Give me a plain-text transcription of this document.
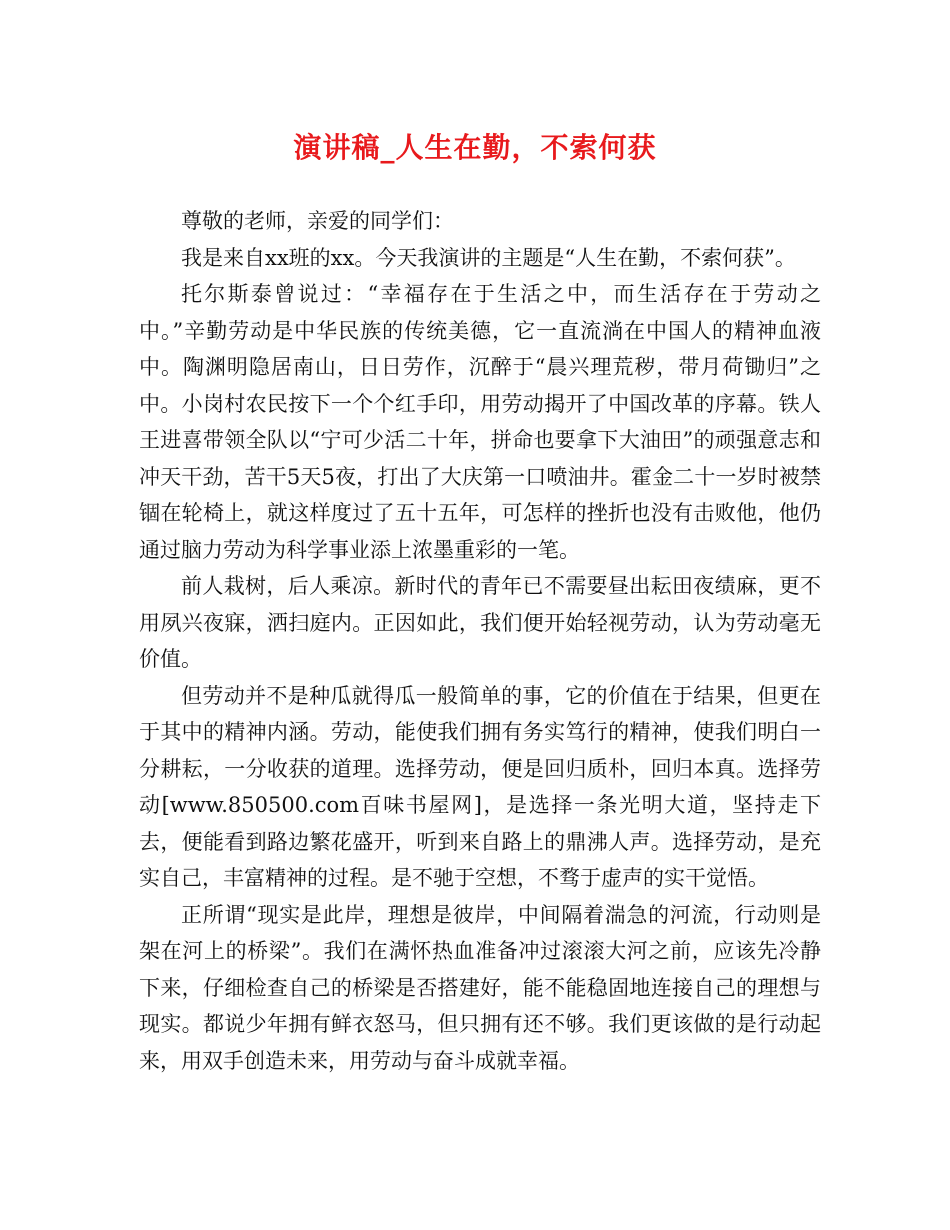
演讲稿_人生在勤，不索何获

尊敬的老师，亲爱的同学们：

我是来自xx班的xx。今天我演讲的主题是“人生在勤，不索何获”。

托尔斯泰曾说过：“幸福存在于生活之中，而生活存在于劳动之中。”辛勤劳动是中华民族的传统美德，它一直流淌在中国人的精神血液中。陶渊明隐居南山，日日劳作，沉醉于“晨兴理荒秽，带月荷锄归”之中。小岗村农民按下一个个红手印，用劳动揭开了中国改革的序幕。铁人王进喜带领全队以“宁可少活二十年，拼命也要拿下大油田”的顽强意志和冲天干劲，苦干5天5夜，打出了大庆第一口喷油井。霍金二十一岁时被禁锢在轮椅上，就这样度过了五十五年，可怎样的挫折也没有击败他，他仍通过脑力劳动为科学事业添上浓墨重彩的一笔。

前人栽树，后人乘凉。新时代的青年已不需要昼出耘田夜绩麻，更不用夙兴夜寐，洒扫庭内。正因如此，我们便开始轻视劳动，认为劳动毫无价值。

但劳动并不是种瓜就得瓜一般简单的事，它的价值在于结果，但更在于其中的精神内涵。劳动，能使我们拥有务实笃行的精神，使我们明白一分耕耘，一分收获的道理。选择劳动，便是回归质朴，回归本真。选择劳动[www.850500.com百味书屋网]，是选择一条光明大道，坚持走下去，便能看到路边繁花盛开，听到来自路上的鼎沸人声。选择劳动，是充实自己，丰富精神的过程。是不驰于空想，不骛于虚声的实干觉悟。

正所谓“现实是此岸，理想是彼岸，中间隔着湍急的河流，行动则是架在河上的桥梁”。我们在满怀热血准备冲过滚滚大河之前，应该先冷静下来，仔细检查自己的桥梁是否搭建好，能不能稳固地连接自己的理想与现实。都说少年拥有鲜衣怒马，但只拥有还不够。我们更该做的是行动起来，用双手创造未来，用劳动与奋斗成就幸福。
